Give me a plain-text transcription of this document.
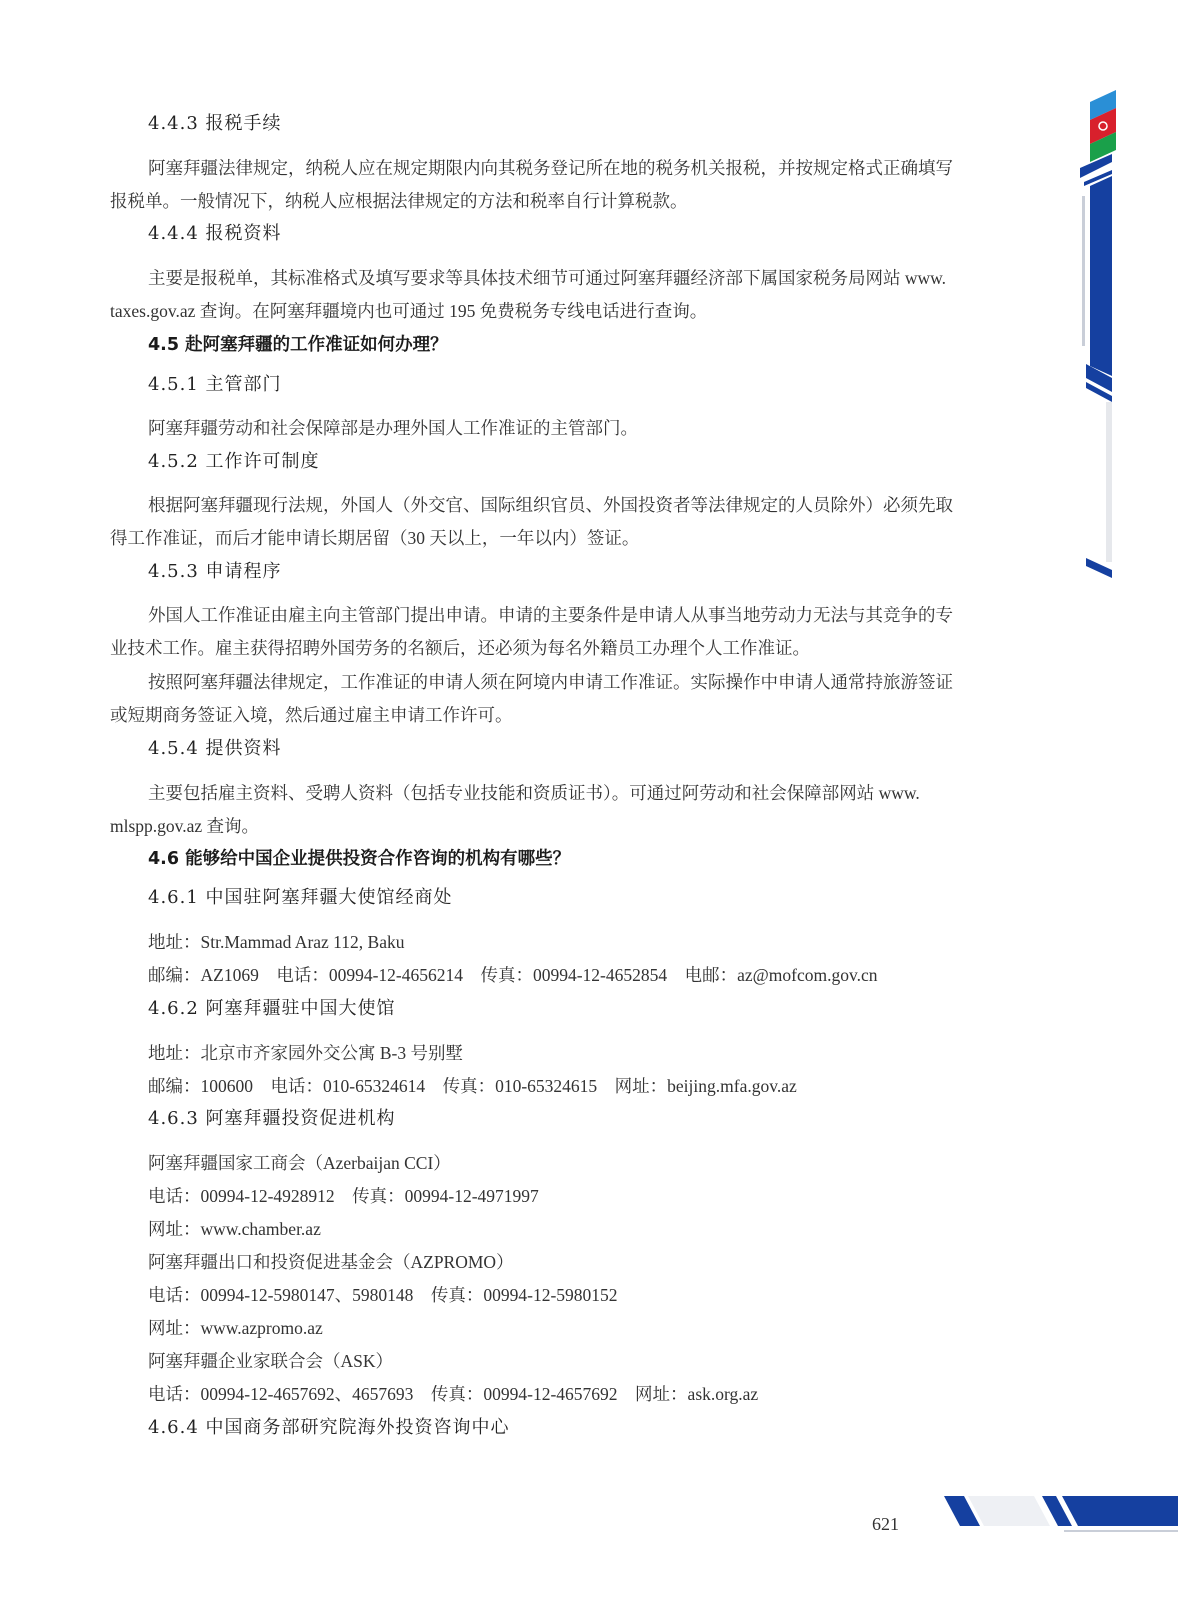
4.4.3 报税手续

阿塞拜疆法律规定，纳税人应在规定期限内向其税务登记所在地的税务机关报税，并按规定格式正确填写

报税单。一般情况下，纳税人应根据法律规定的方法和税率自行计算税款。

4.4.4 报税资料

主要是报税单，其标准格式及填写要求等具体技术细节可通过阿塞拜疆经济部下属国家税务局网站 www.

taxes.gov.az 查询。在阿塞拜疆境内也可通过 195 免费税务专线电话进行查询。

4.5 赴阿塞拜疆的工作准证如何办理？

4.5.1 主管部门

阿塞拜疆劳动和社会保障部是办理外国人工作准证的主管部门。

4.5.2 工作许可制度

根据阿塞拜疆现行法规，外国人（外交官、国际组织官员、外国投资者等法律规定的人员除外）必须先取

得工作准证，而后才能申请长期居留（30 天以上，一年以内）签证。

4.5.3 申请程序

外国人工作准证由雇主向主管部门提出申请。申请的主要条件是申请人从事当地劳动力无法与其竞争的专

业技术工作。雇主获得招聘外国劳务的名额后，还必须为每名外籍员工办理个人工作准证。

按照阿塞拜疆法律规定，工作准证的申请人须在阿境内申请工作准证。实际操作中申请人通常持旅游签证

或短期商务签证入境，然后通过雇主申请工作许可。

4.5.4 提供资料

主要包括雇主资料、受聘人资料（包括专业技能和资质证书）。可通过阿劳动和社会保障部网站 www.

mlspp.gov.az 查询。

4.6 能够给中国企业提供投资合作咨询的机构有哪些？

4.6.1 中国驻阿塞拜疆大使馆经商处

地址：Str.Mammad Araz 112, Baku

邮编：AZ1069　电话：00994-12-4656214　传真：00994-12-4652854　电邮：az@mofcom.gov.cn

4.6.2 阿塞拜疆驻中国大使馆

地址：北京市齐家园外交公寓 B-3 号别墅

邮编：100600　电话：010-65324614　传真：010-65324615　网址：beijing.mfa.gov.az

4.6.3 阿塞拜疆投资促进机构

阿塞拜疆国家工商会（Azerbaijan CCI）

电话：00994-12-4928912　传真：00994-12-4971997

网址：www.chamber.az

阿塞拜疆出口和投资促进基金会（AZPROMO）

电话：00994-12-5980147、5980148　传真：00994-12-5980152

网址：www.azpromo.az

阿塞拜疆企业家联合会（ASK）

电话：00994-12-4657692、4657693　传真：00994-12-4657692　网址：ask.org.az

4.6.4 中国商务部研究院海外投资咨询中心

621
